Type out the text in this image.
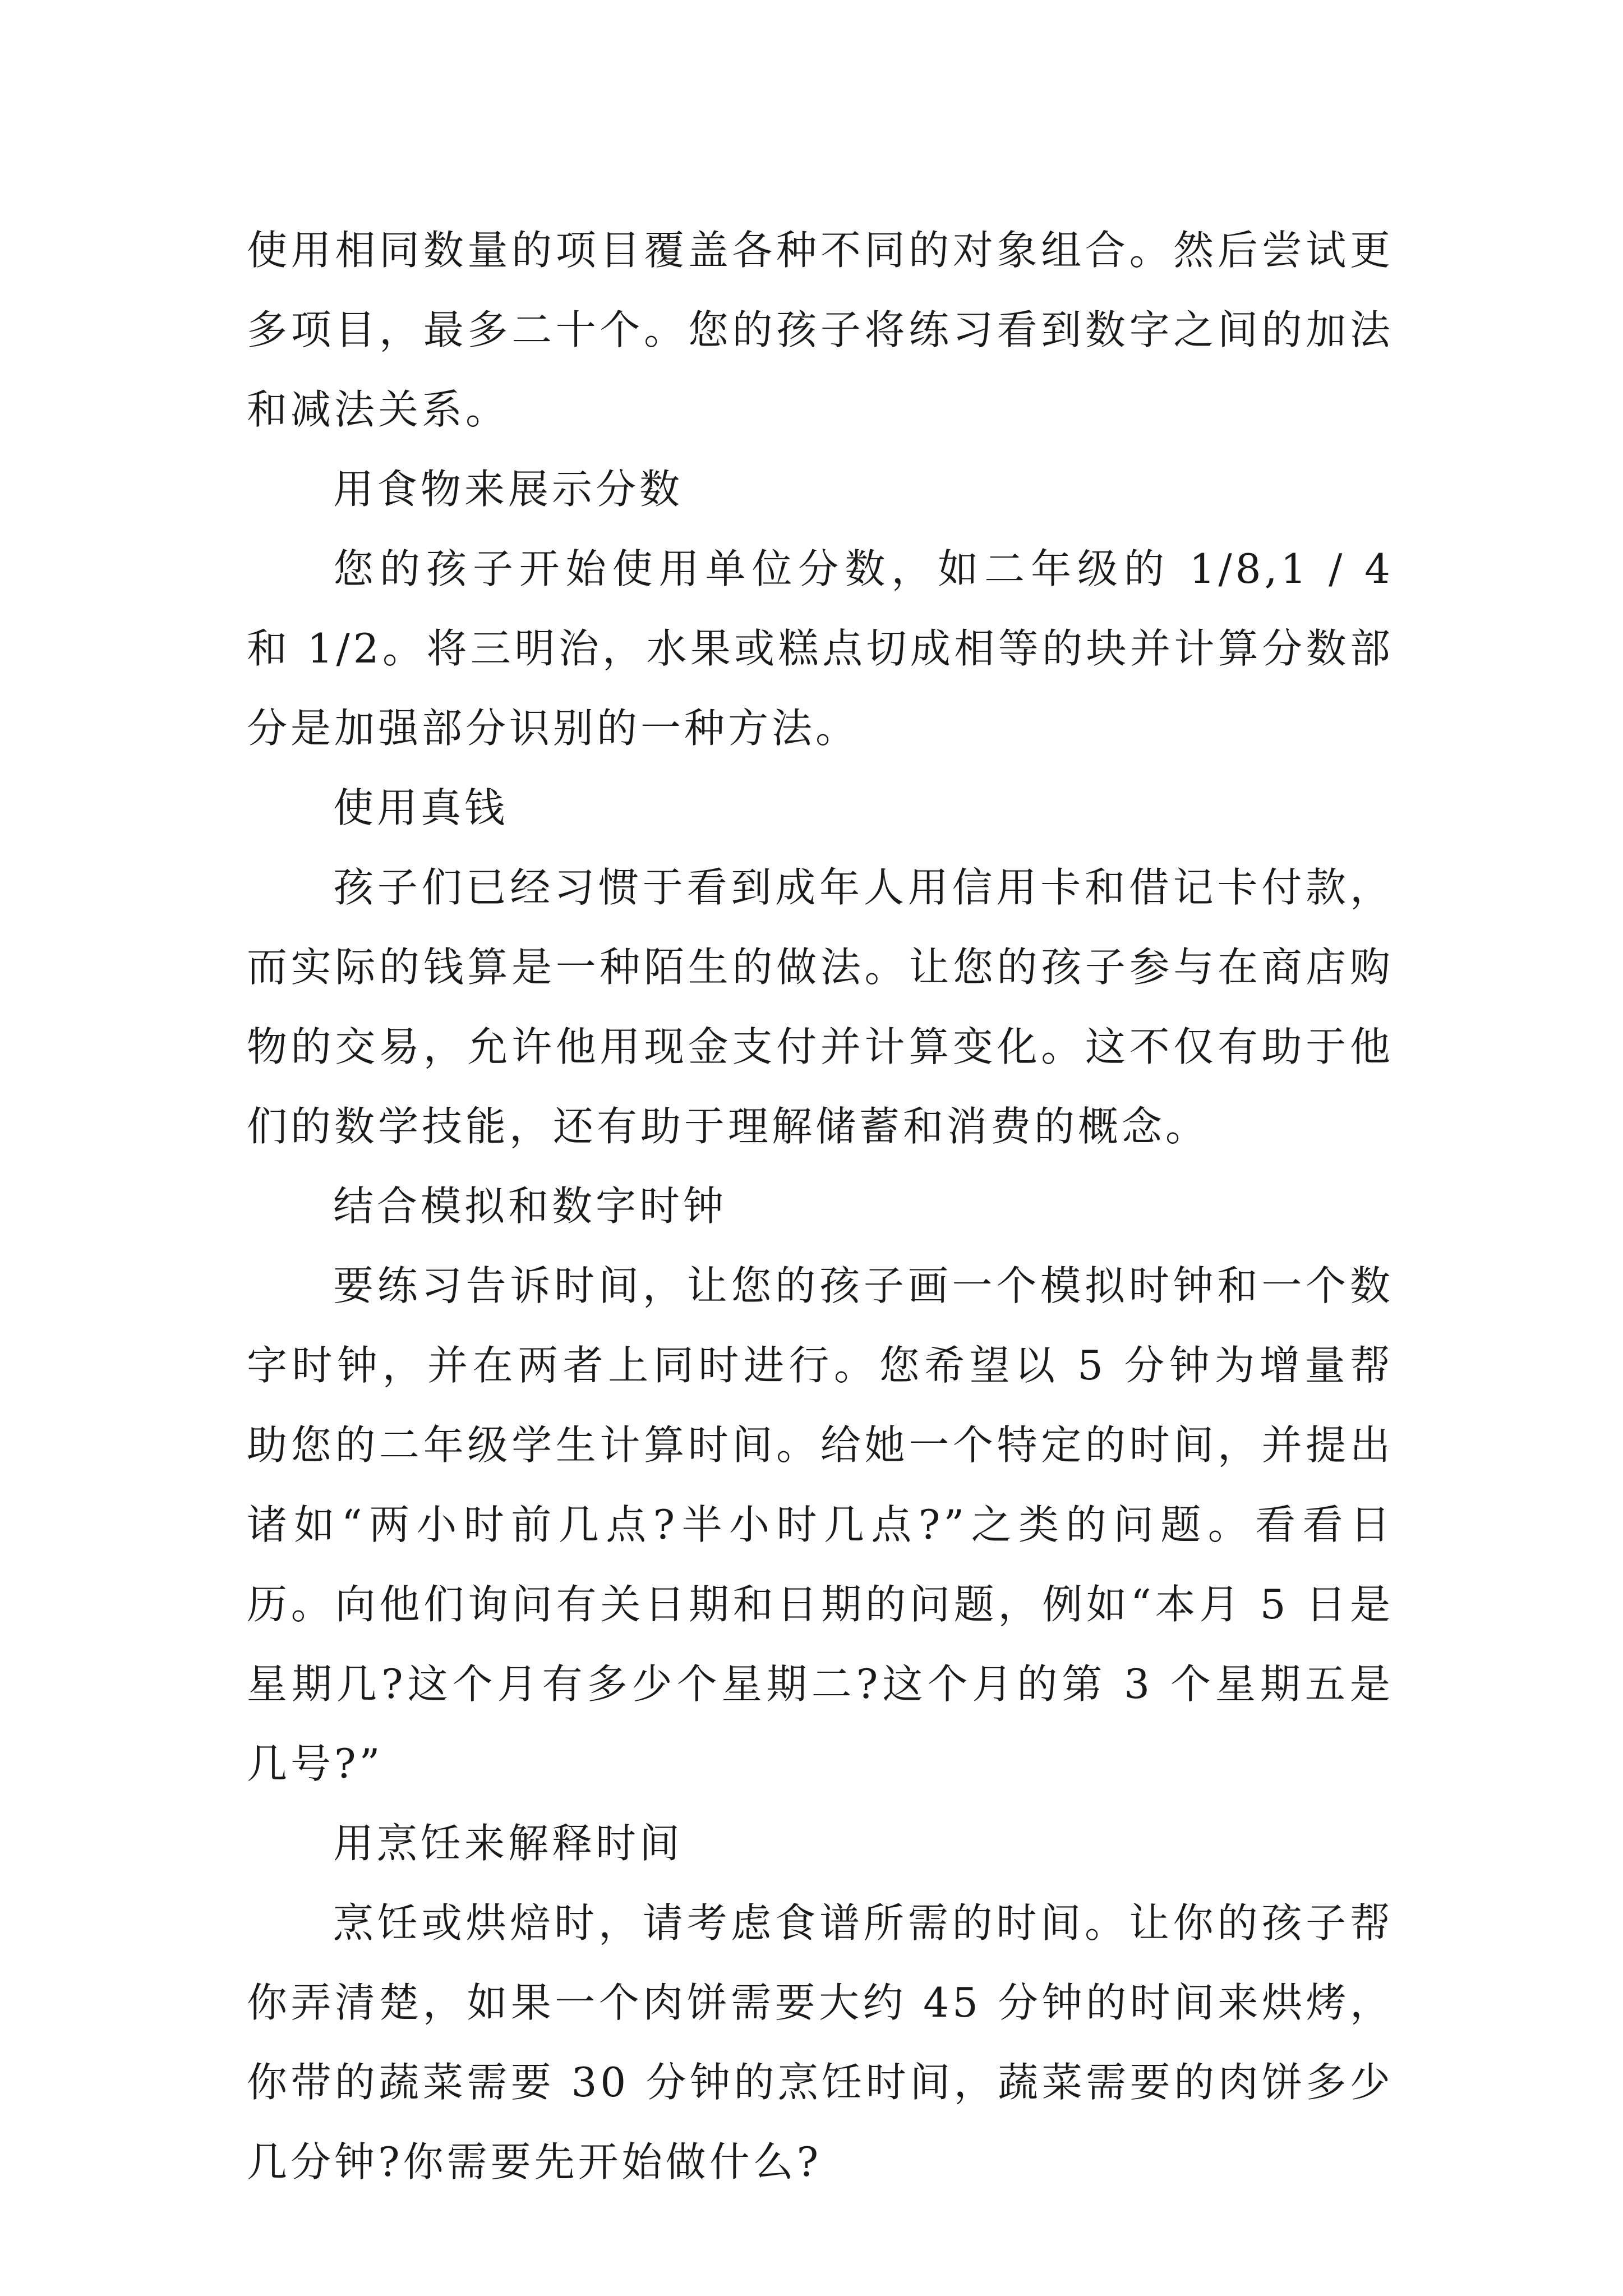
使用相同数量的项目覆盖各种不同的对象组合。然后尝试更多项目，最多二十个。您的孩子将练习看到数字之间的加法和减法关系。

用食物来展示分数

您的孩子开始使用单位分数，如二年级的 1/8,1 / 4 和 1/2。将三明治，水果或糕点切成相等的块并计算分数部分是加强部分识别的一种方法。

使用真钱

孩子们已经习惯于看到成年人用信用卡和借记卡付款，而实际的钱算是一种陌生的做法。让您的孩子参与在商店购物的交易，允许他用现金支付并计算变化。这不仅有助于他们的数学技能，还有助于理解储蓄和消费的概念。

结合模拟和数字时钟

要练习告诉时间，让您的孩子画一个模拟时钟和一个数字时钟，并在两者上同时进行。您希望以 5 分钟为增量帮助您的二年级学生计算时间。给她一个特定的时间，并提出诸如“两小时前几点?半小时几点?”之类的问题。看看日历。向他们询问有关日期和日期的问题，例如“本月 5 日是星期几?这个月有多少个星期二?这个月的第 3 个星期五是几号?”

用烹饪来解释时间

烹饪或烘焙时，请考虑食谱所需的时间。让你的孩子帮你弄清楚，如果一个肉饼需要大约 45 分钟的时间来烘烤，你带的蔬菜需要 30 分钟的烹饪时间，蔬菜需要的肉饼多少几分钟?你需要先开始做什么?
